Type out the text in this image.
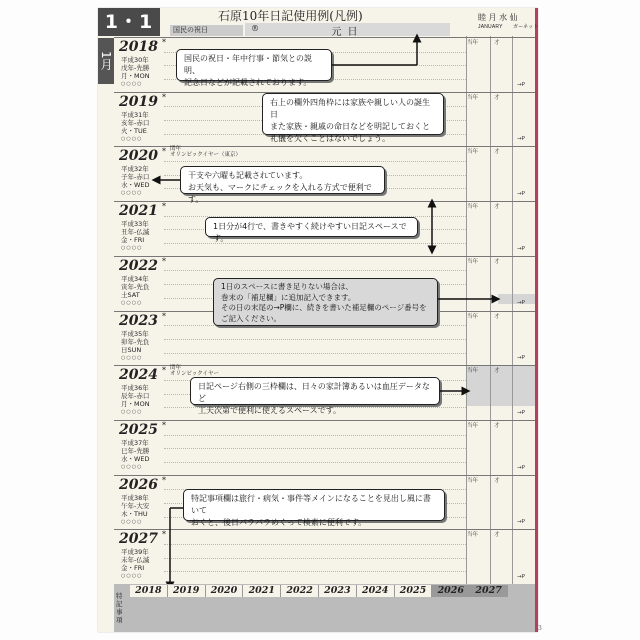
1・1
1月
石原10年日記使用例(凡例)	睦 月 水 仙
JANUARY　　ガーネット
国民の祝日	®	元日
2018
平成30年
戊年-先勝
月・MON
○○○○
*	当年	才
→P
2019
平成31年
亥年-赤口
火・TUE
○○○○
*	当年	才
→P
2020
平成32年
子年-赤口
水・WED
○○○○
* 閏年
オリンピックイヤー（東京）	当年	才
→P
2021
平成33年
丑年-仏滅
金・FRI
○○○○
*	当年	才
→P
2022
平成34年
寅年-先負
土SAT
○○○○
*	当年	才
→P
2023
平成35年
卯年-先負
日SUN
○○○○
*	当年	才
→P
2024
平成36年
辰年-赤口
月・MON
○○○○
* 閏年
オリンピックイヤー	当年	才
→P
2025
平成37年
巳年-先勝
水・WED
○○○○
*	当年	才
→P
2026
平成38年
午年-大安
木・THU
○○○○
*	当年	才
→P
2027
平成39年
未年-仏滅
金・FRI
○○○○
*	当年	才
→P
国民の祝日・年中行事・節気との説明、
記念日などが記載されております。
右上の欄外四角枠には家族や親しい人の誕生日
また家族・親戚の命日などを明記しておくと
礼儀を欠くことはないでしょう。
干支や六曜も記載されています。
お天気も、マークにチェックを入れる方式で便利です。
1日分が4行で、書きやすく続けやすい日記スペースです。
1日のスペースに書き足りない場合は、
巻末の「補足欄」に追加記入できます。
その日の末尾の→P欄に、続きを書いた補足欄のページ番号を
ご記入ください。
日記ページ右側の三枠欄は、日々の家計簿あるいは血圧データなど
工夫次第で便利に使えるスペースです。
特記事項欄は旅行・病気・事件等メインになることを見出し風に書いて
おくと、後日パラパラめくって検索に便利です。
特記事項
2018	2019	2020	2021	2022	2023	2024	2025	2026	2027
3
